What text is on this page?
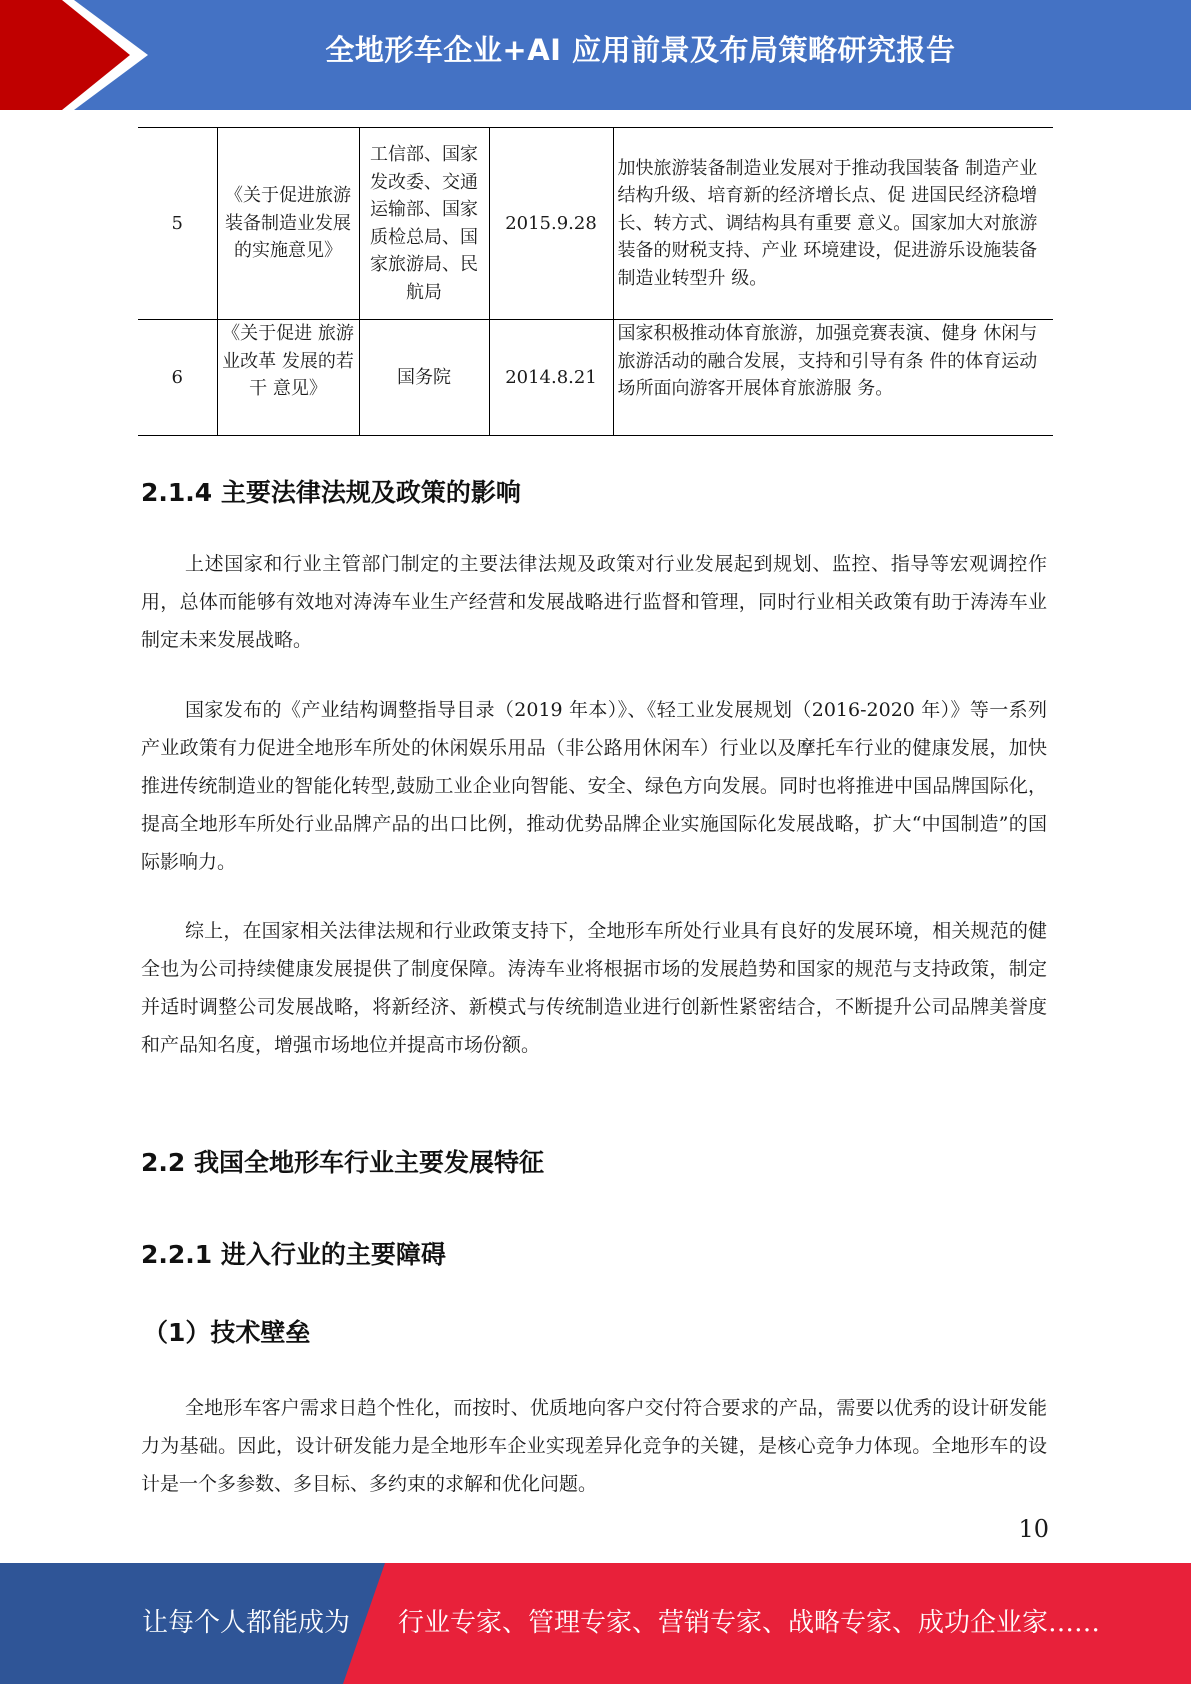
全地形车企业+AI 应用前景及布局策略研究报告
5	《关于促进旅游装备制造业发展的实施意见》	工信部、国家发改委、交通运输部、国家质检总局、国家旅游局、民航局	2015.9.28	加快旅游装备制造业发展对于推动我国装备 制造产业结构升级、培育新的经济增长点、促 进国民经济稳增长、转方式、调结构具有重要 意义。国家加大对旅游装备的财税支持、产业 环境建设，促进游乐设施装备制造业转型升 级。
6	《关于促进 旅游业改革 发展的若干 意见》	国务院	2014.8.21	国家积极推动体育旅游，加强竞赛表演、健身 休闲与旅游活动的融合发展，支持和引导有条 件的体育运动场所面向游客开展体育旅游服 务。
2.1.4 主要法律法规及政策的影响

上述国家和行业主管部门制定的主要法律法规及政策对行业发展起到规划、监控、指导等宏观调控作用，总体而能够有效地对涛涛车业生产经营和发展战略进行监督和管理，同时行业相关政策有助于涛涛车业制定未来发展战略。

国家发布的《产业结构调整指导目录（2019 年本）》、《轻工业发展规划（2016-2020 年）》等一系列产业政策有力促进全地形车所处的休闲娱乐用品（非公路用休闲车）行业以及摩托车行业的健康发展，加快推进传统制造业的智能化转型,鼓励工业企业向智能、安全、绿色方向发展。同时也将推进中国品牌国际化，提高全地形车所处行业品牌产品的出口比例，推动优势品牌企业实施国际化发展战略，扩大“中国制造”的国际影响力。

综上，在国家相关法律法规和行业政策支持下，全地形车所处行业具有良好的发展环境，相关规范的健全也为公司持续健康发展提供了制度保障。涛涛车业将根据市场的发展趋势和国家的规范与支持政策，制定并适时调整公司发展战略，将新经济、新模式与传统制造业进行创新性紧密结合，不断提升公司品牌美誉度和产品知名度，增强市场地位并提高市场份额。

2.2 我国全地形车行业主要发展特征
2.2.1 进入行业的主要障碍
（1）技术壁垒

全地形车客户需求日趋个性化，而按时、优质地向客户交付符合要求的产品，需要以优秀的设计研发能力为基础。因此，设计研发能力是全地形车企业实现差异化竞争的关键，是核心竞争力体现。全地形车的设计是一个多参数、多目标、多约束的求解和优化问题。

10
让每个人都能成为 行业专家、管理专家、营销专家、战略专家、成功企业家……
